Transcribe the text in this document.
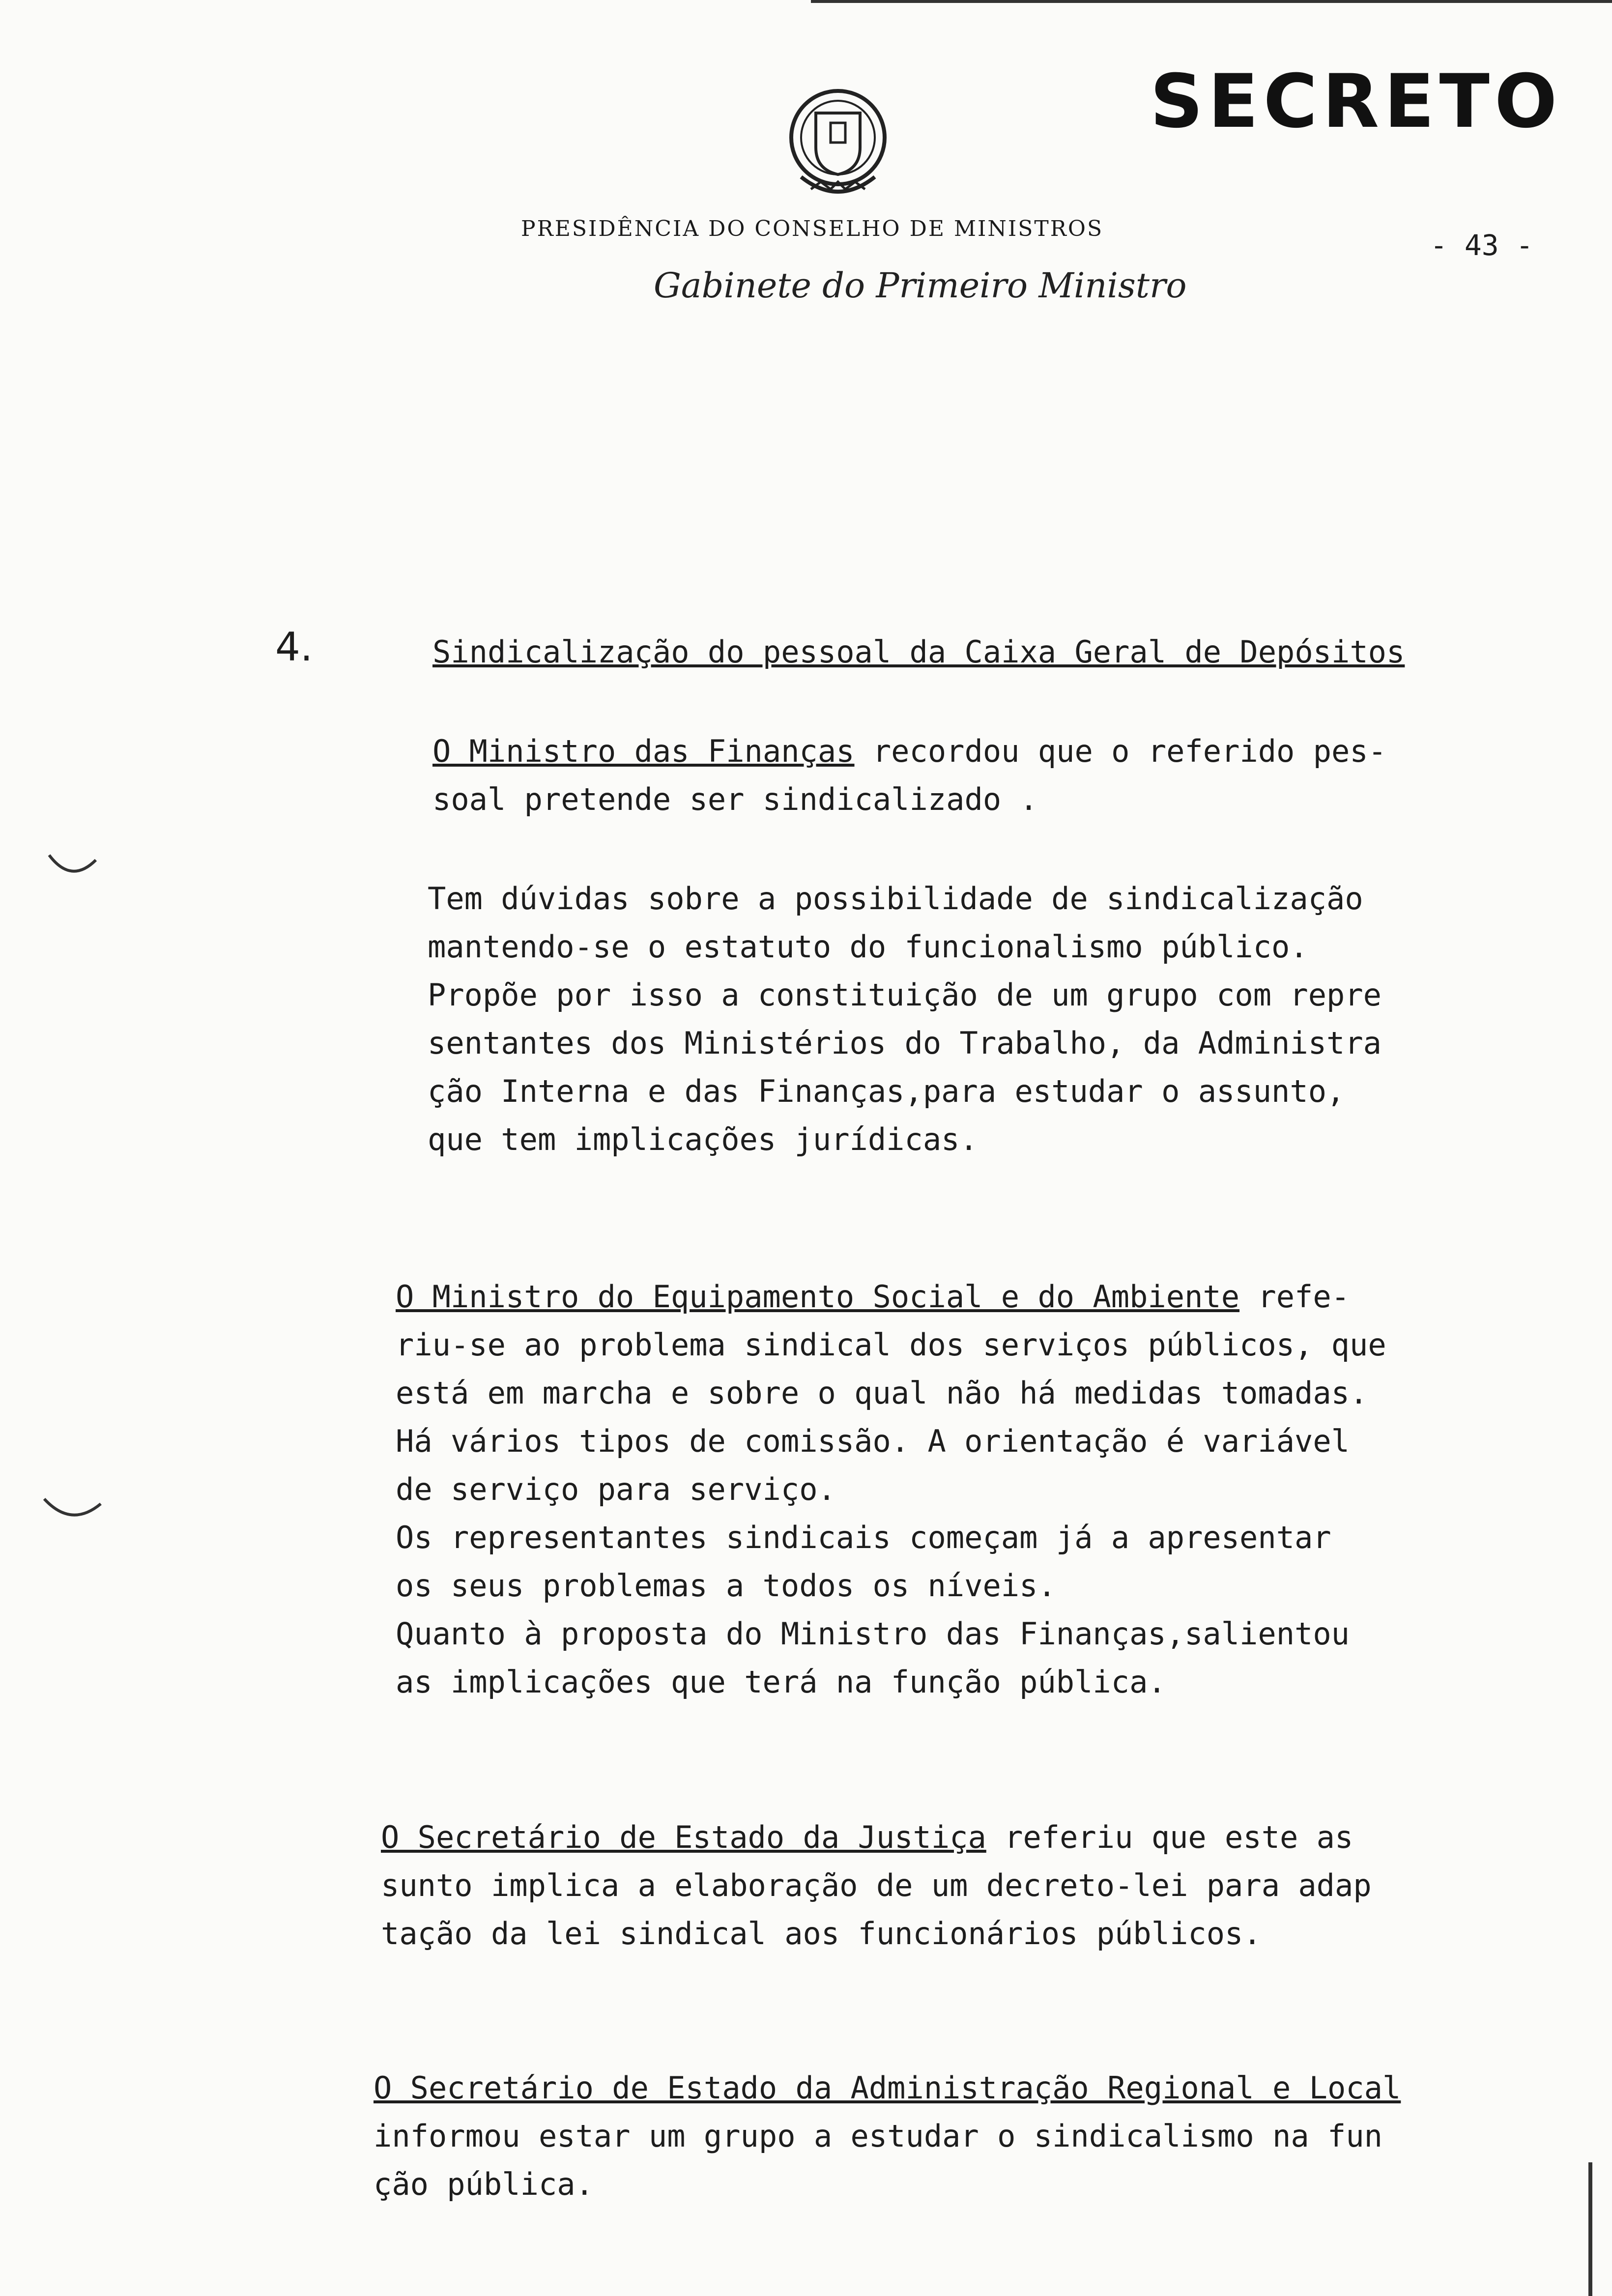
SECRETO
PRESIDÊNCIA DO CONSELHO DE MINISTROS
Gabinete do Primeiro Ministro
- 43 -
4.	Sindicalização do pessoal da Caixa Geral de Depósitos
O Ministro das Finanças recordou que o referido pes-
soal pretende ser sindicalizado .
Tem dúvidas sobre a possibilidade de sindicalização
mantendo-se o estatuto do funcionalismo público.
Propõe por isso a constituição de um grupo com repre
sentantes dos Ministérios do Trabalho, da Administra
ção Interna e das Finanças,para estudar o assunto,
que tem implicações jurídicas.
O Ministro do Equipamento Social e do Ambiente refe-
riu-se ao problema sindical dos serviços públicos, que
está em marcha e sobre o qual não há medidas tomadas.
Há vários tipos de comissão. A orientação é variável
de serviço para serviço.
Os representantes sindicais começam já a apresentar
os seus problemas a todos os níveis.
Quanto à proposta do Ministro das Finanças,salientou
as implicações que terá na função pública.
O Secretário de Estado da Justiça referiu que este as
sunto implica a elaboração de um decreto-lei para adap
tação da lei sindical aos funcionários públicos.
O Secretário de Estado da Administração Regional e Local
informou estar um grupo a estudar o sindicalismo na fun
ção pública.
